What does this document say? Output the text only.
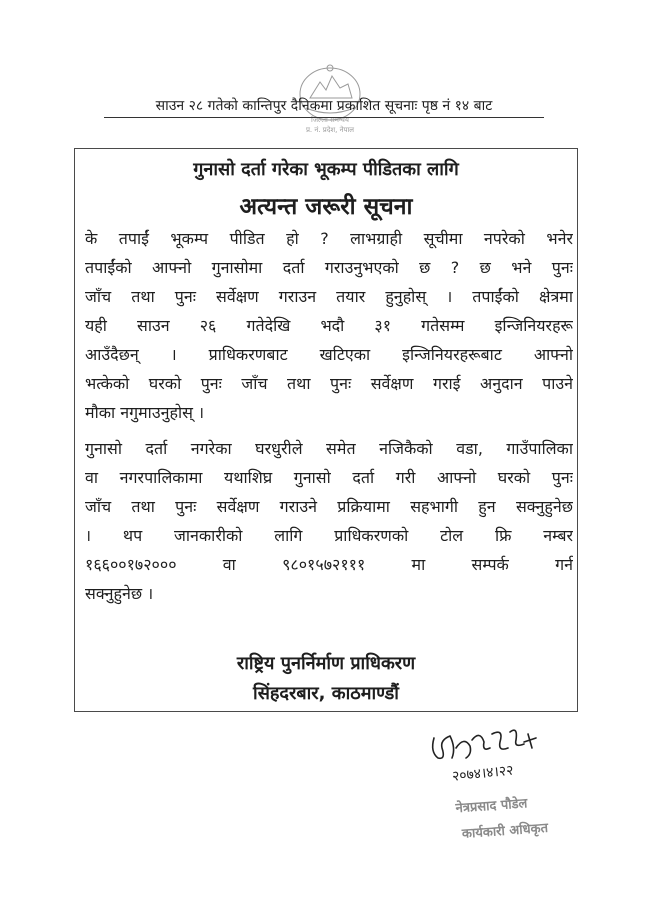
जिल्ला समन्वय
प्र. नं. प्रदेश, नेपाल
साउन २८ गतेको कान्तिपुर दैनिकमा प्रकाशित सूचनाः पृष्ठ नं १४ बाट
गुनासो दर्ता गरेका भूकम्प पीडितका लागि
अत्यन्त जरूरी सूचना
के तपाईं भूकम्प पीडित हो ? लाभग्राही सूचीमा नपरेको भनेर
तपाईंको आफ्नो गुनासोमा दर्ता गराउनुभएको छ ? छ भने पुनः
जाँच तथा पुनः सर्वेक्षण गराउन तयार हुनुहोस् । तपाईंको क्षेत्रमा
यही साउन २६ गतेदेखि भदौ ३१ गतेसम्म इन्जिनियरहरू
आउँदैछन् । प्राधिकरणबाट खटिएका इन्जिनियरहरूबाट आफ्नो
भत्केको घरको पुनः जाँच तथा पुनः सर्वेक्षण गराई अनुदान पाउने
मौका नगुमाउनुहोस् ।
गुनासो दर्ता नगरेका घरधुरीले समेत नजिकैको वडा, गाउँपालिका
वा नगरपालिकामा यथाशिघ्र गुनासो दर्ता गरी आफ्नो घरको पुनः
जाँच तथा पुनः सर्वेक्षण गराउने प्रक्रियामा सहभागी हुन सक्नुहुनेछ
। थप जानकारीको लागि प्राधिकरणको टोल फ्रि नम्बर
१६६००१७२००० वा ९८०१५७२१११ मा सम्पर्क गर्न
सक्नुहुनेछ ।
राष्ट्रिय पुनर्निर्माण प्राधिकरण
सिंहदरबार, काठमाण्डौं
२०७४।४।२२
नेत्रप्रसाद पौडेल
कार्यकारी अधिकृत
